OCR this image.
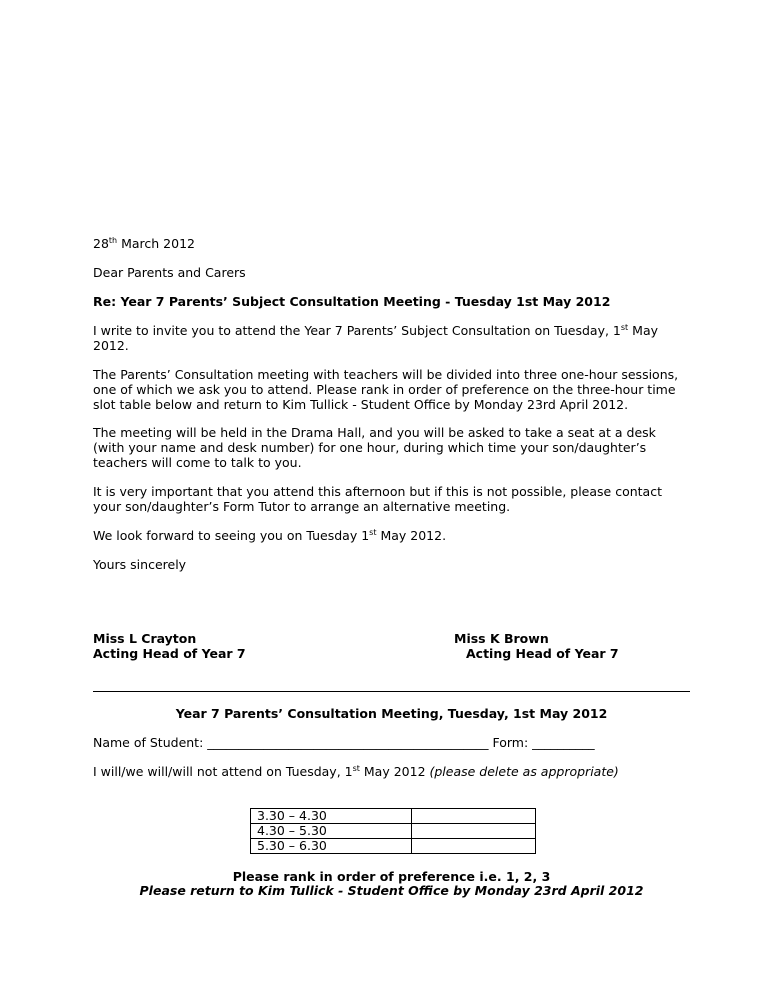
28th March 2012

Dear Parents and Carers

Re: Year 7 Parents’ Subject Consultation Meeting - Tuesday 1st May 2012

I write to invite you to attend the Year 7 Parents’ Subject Consultation on Tuesday, 1st May
2012.

The Parents’ Consultation meeting with teachers will be divided into three one-hour sessions, one of which we ask you to attend. Please rank in order of preference on the three-hour time slot table below and return to Kim Tullick - Student Office by Monday 23rd April 2012.

The meeting will be held in the Drama Hall, and you will be asked to take a seat at a desk (with your name and desk number) for one hour, during which time your son/daughter’s teachers will come to talk to you.

It is very important that you attend this afternoon but if this is not possible, please contact your son/daughter’s Form Tutor to arrange an alternative meeting.

We look forward to seeing you on Tuesday 1st May 2012.

Yours sincerely

Miss L Crayton
Acting Head of Year 7
Miss K Brown
Acting Head of Year 7

Year 7 Parents’ Consultation Meeting, Tuesday, 1st May 2012

Name of Student: _____________________________________________ Form: __________

I will/we will/will not attend on Tuesday, 1st May 2012 (please delete as appropriate)

3.30 – 4.30	
4.30 – 5.30	
5.30 – 6.30	

Please rank in order of preference i.e. 1, 2, 3

Please return to Kim Tullick - Student Office by Monday 23rd April 2012
